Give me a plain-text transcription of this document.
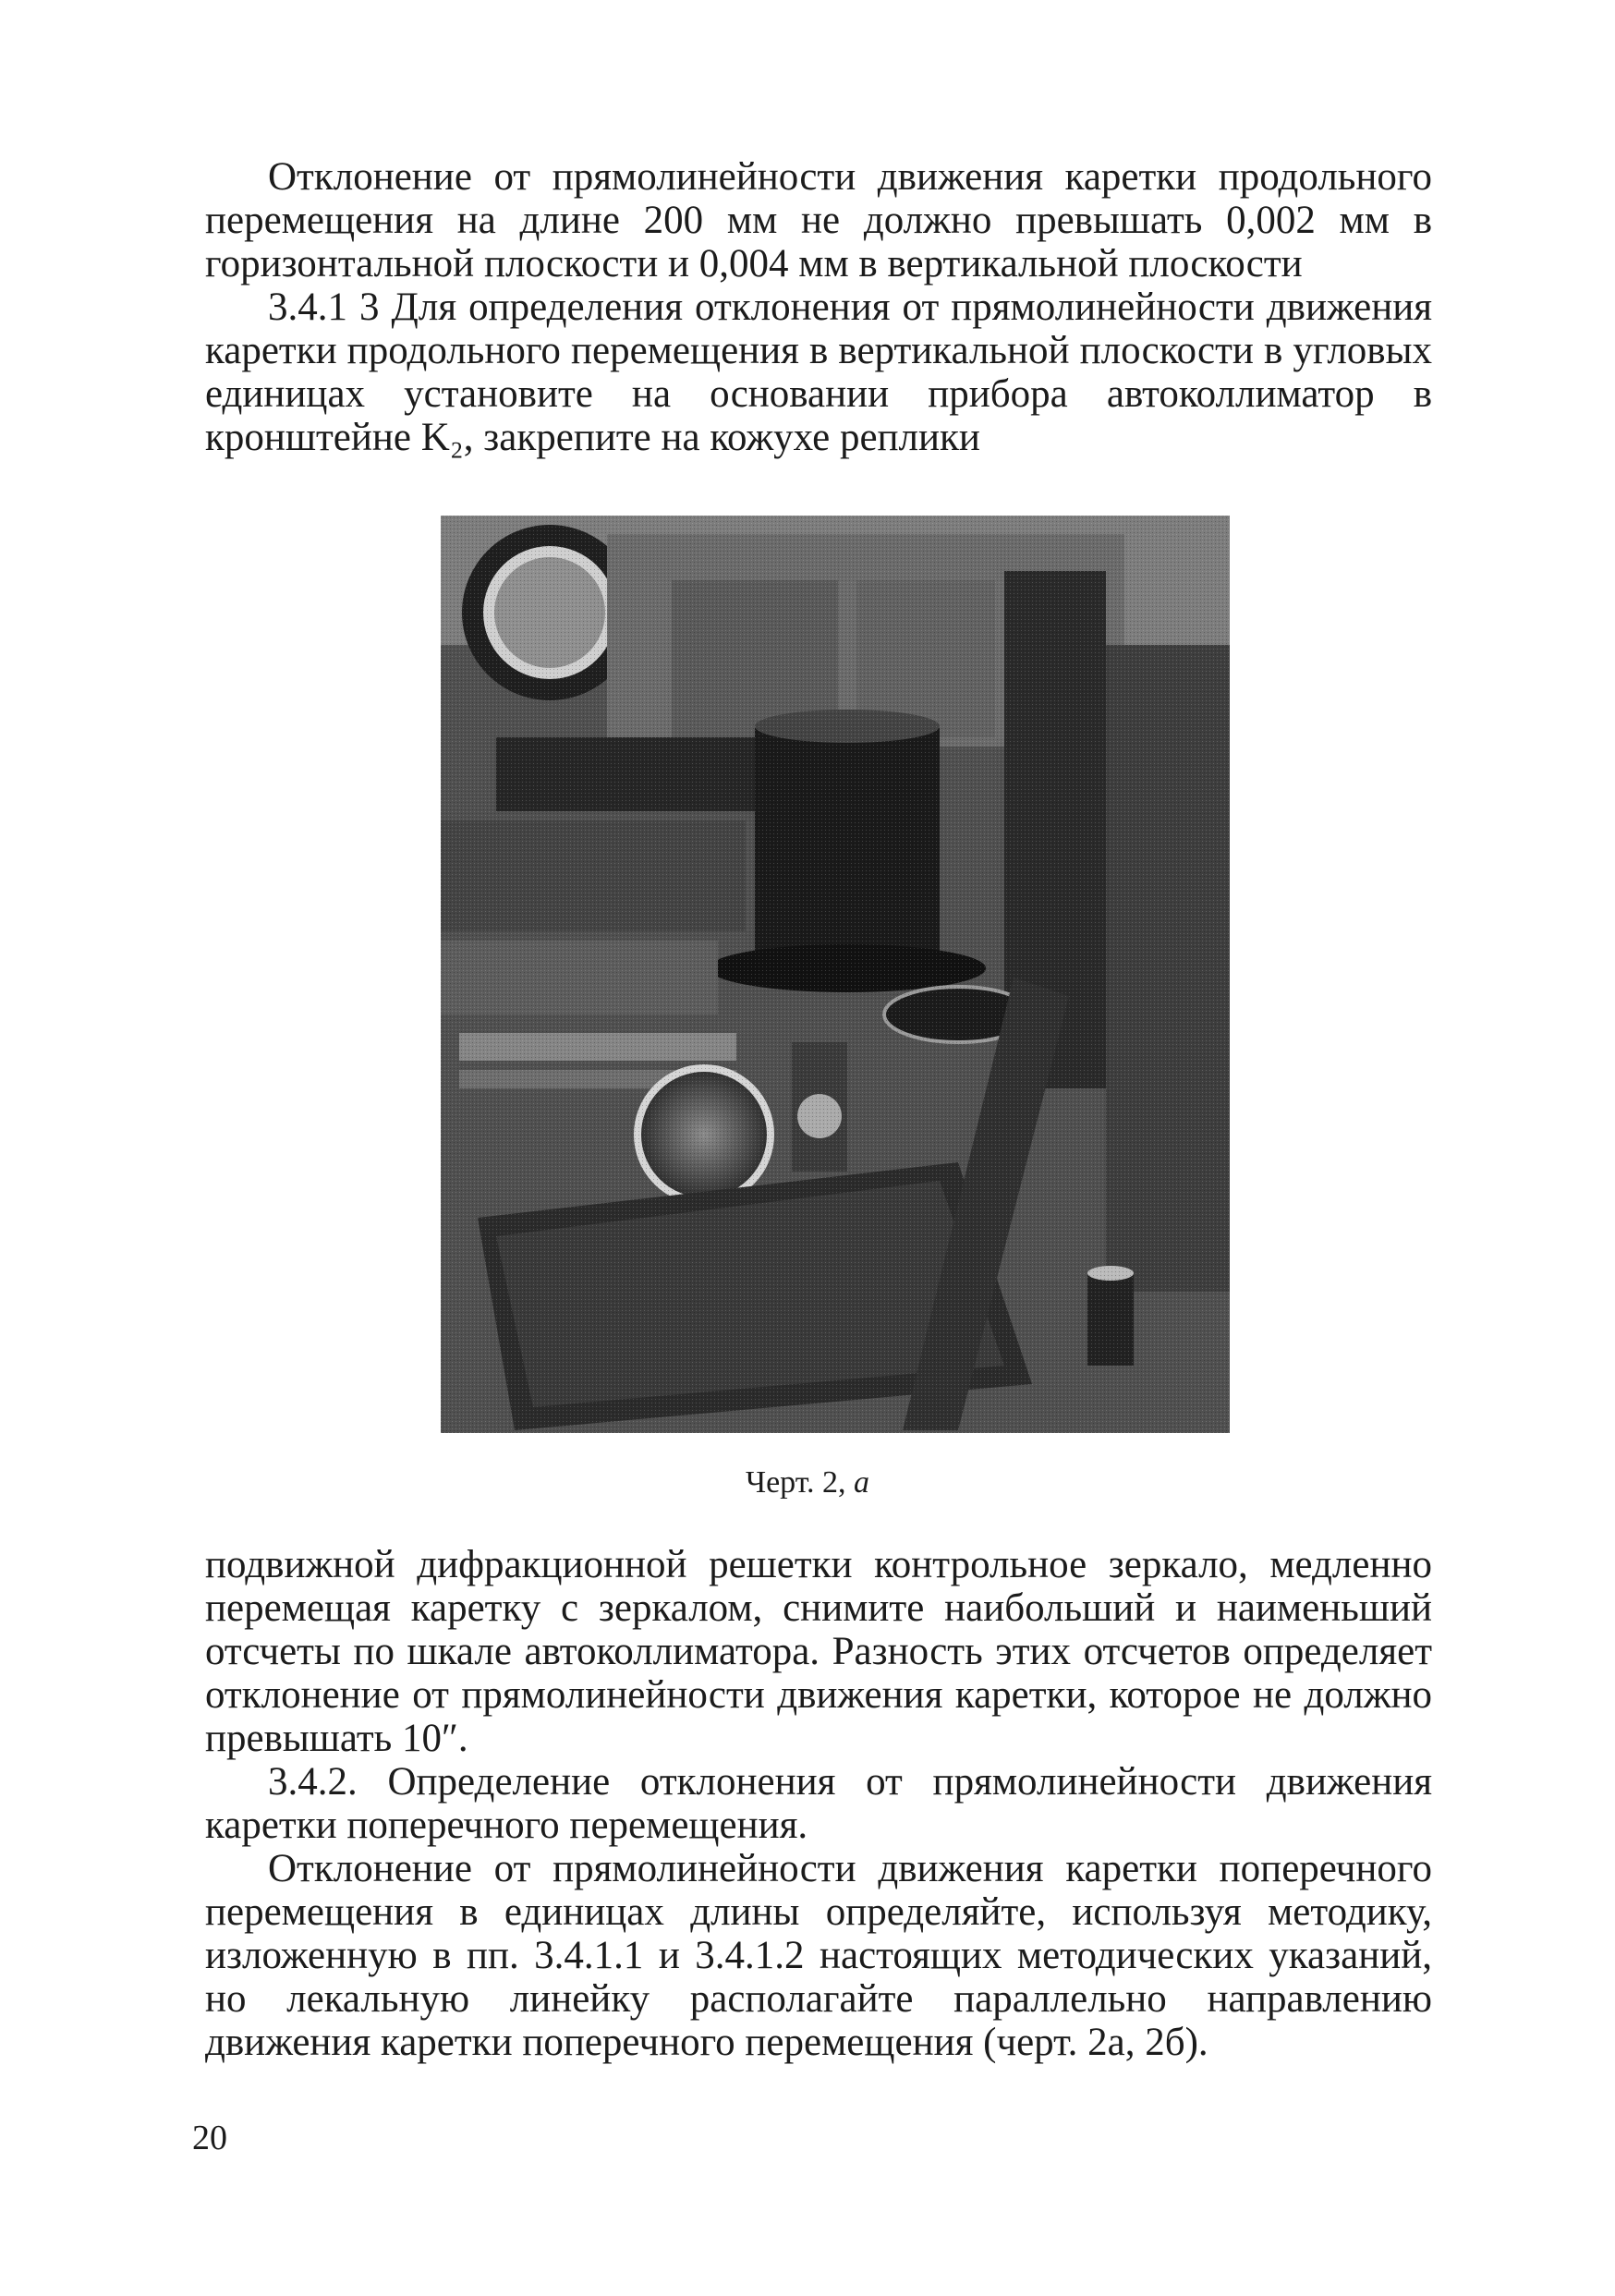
Отклонение от прямолинейности движения каретки продольного перемещения на длине 200 мм не должно превышать 0,002 мм в горизонтальной плоскости и 0,004 мм в вертикальной плоскости

3.4.1 3 Для определения отклонения от прямолинейности движения каретки продольного перемещения в вертикальной плоскости в угловых единицах установите на основании прибора автоколлиматор в кронштейне K₂, закрепите на кожухе реплики

Черт. 2, а

подвижной дифракционной решетки контрольное зеркало, медленно перемещая каретку с зеркалом, снимите наибольший и наименьший отсчеты по шкале автоколлиматора. Разность этих отсчетов определяет отклонение от прямолинейности движения каретки, которое не должно превышать 10″.

3.4.2. Определение отклонения от прямолинейности движения каретки поперечного перемещения.

Отклонение от прямолинейности движения каретки поперечного перемещения в единицах длины определяйте, используя методику, изложенную в пп. 3.4.1.1 и 3.4.1.2 настоящих методических указаний, но лекальную линейку располагайте параллельно направлению движения каретки поперечного перемещения (черт. 2а, 2б).

20
